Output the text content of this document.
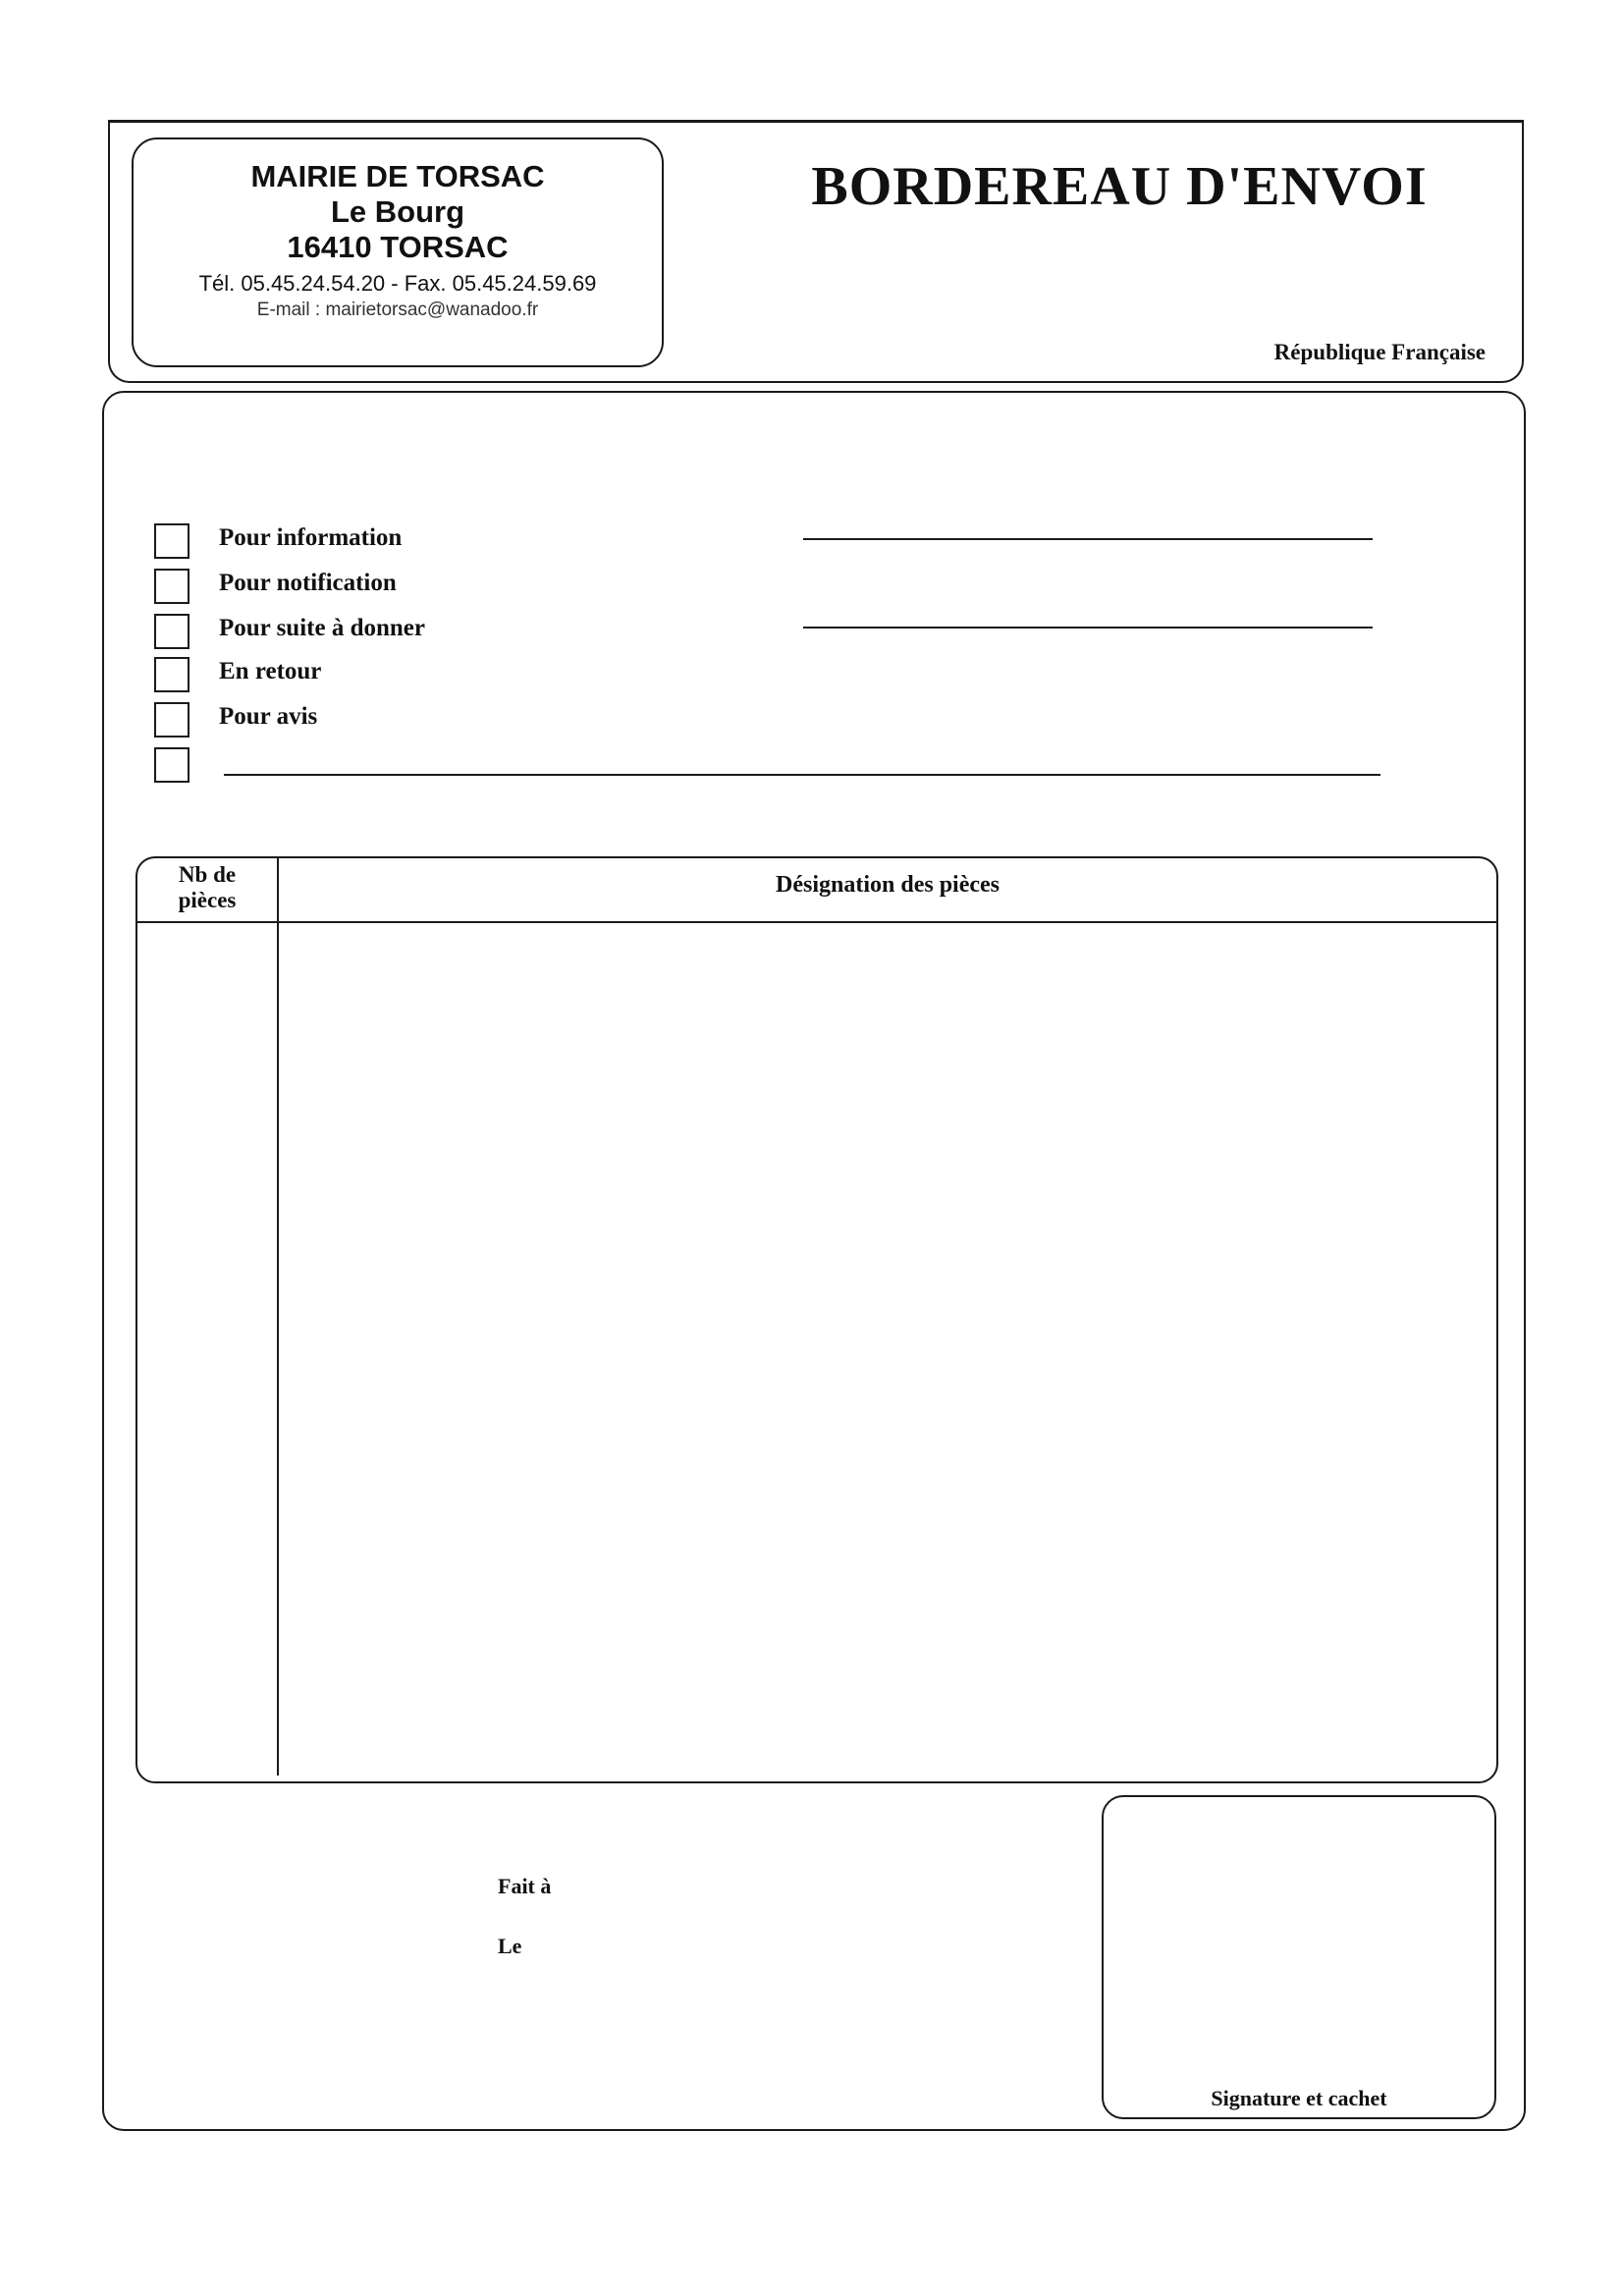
MAIRIE DE TORSAC

Le Bourg

16410 TORSAC

Tél. 05.45.24.54.20 - Fax. 05.45.24.59.69

E-mail : mairietorsac@wanadoo.fr

BORDEREAU D'ENVOI
République Française
Pour information
Pour notification
Pour suite à donner
En retour
Pour avis
Nb de
pièces
Désignation des pièces
Fait à
Le
Signature et cachet
